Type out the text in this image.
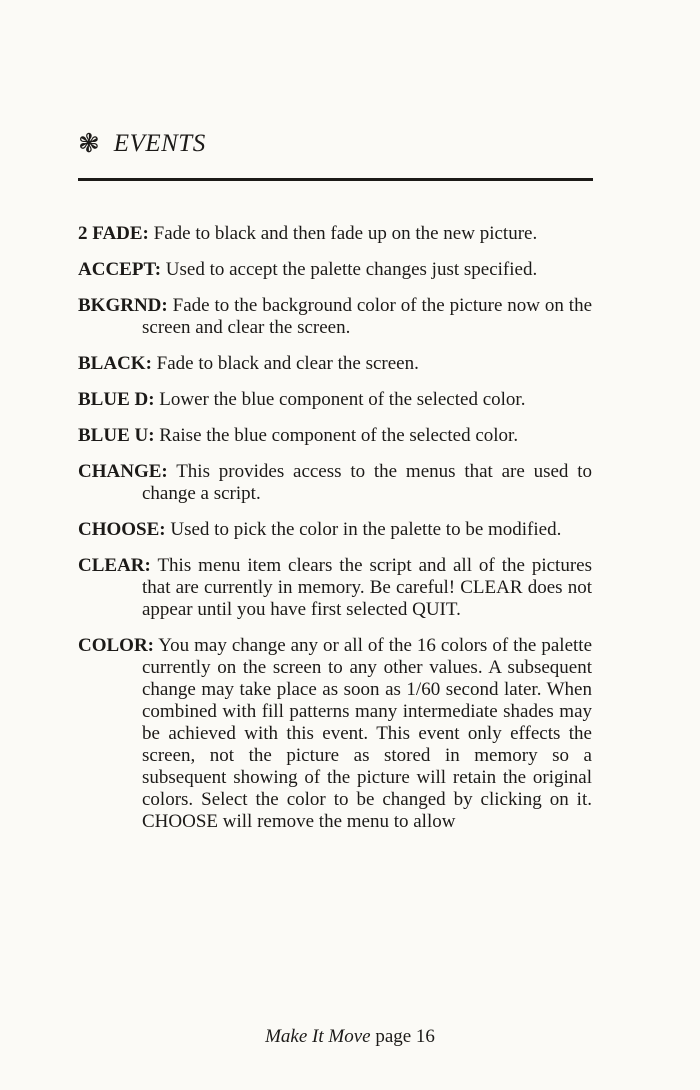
❃ EVENTS
2 FADE: Fade to black and then fade up on the new picture.
ACCEPT: Used to accept the palette changes just specified.
BKGRND: Fade to the background color of the picture now on the screen and clear the screen.
BLACK: Fade to black and clear the screen.
BLUE D: Lower the blue component of the selected color.
BLUE U: Raise the blue component of the selected color.
CHANGE: This provides access to the menus that are used to change a script.
CHOOSE: Used to pick the color in the palette to be modified.
CLEAR: This menu item clears the script and all of the pictures that are currently in memory. Be careful! CLEAR does not appear until you have first selected QUIT.
COLOR: You may change any or all of the 16 colors of the palette currently on the screen to any other values. A subsequent change may take place as soon as 1/60 second later. When combined with fill patterns many intermediate shades may be achieved with this event. This event only effects the screen, not the picture as stored in memory so a subsequent showing of the picture will retain the original colors. Select the color to be changed by clicking on it. CHOOSE will remove the menu to allow
Make It Move page 16
